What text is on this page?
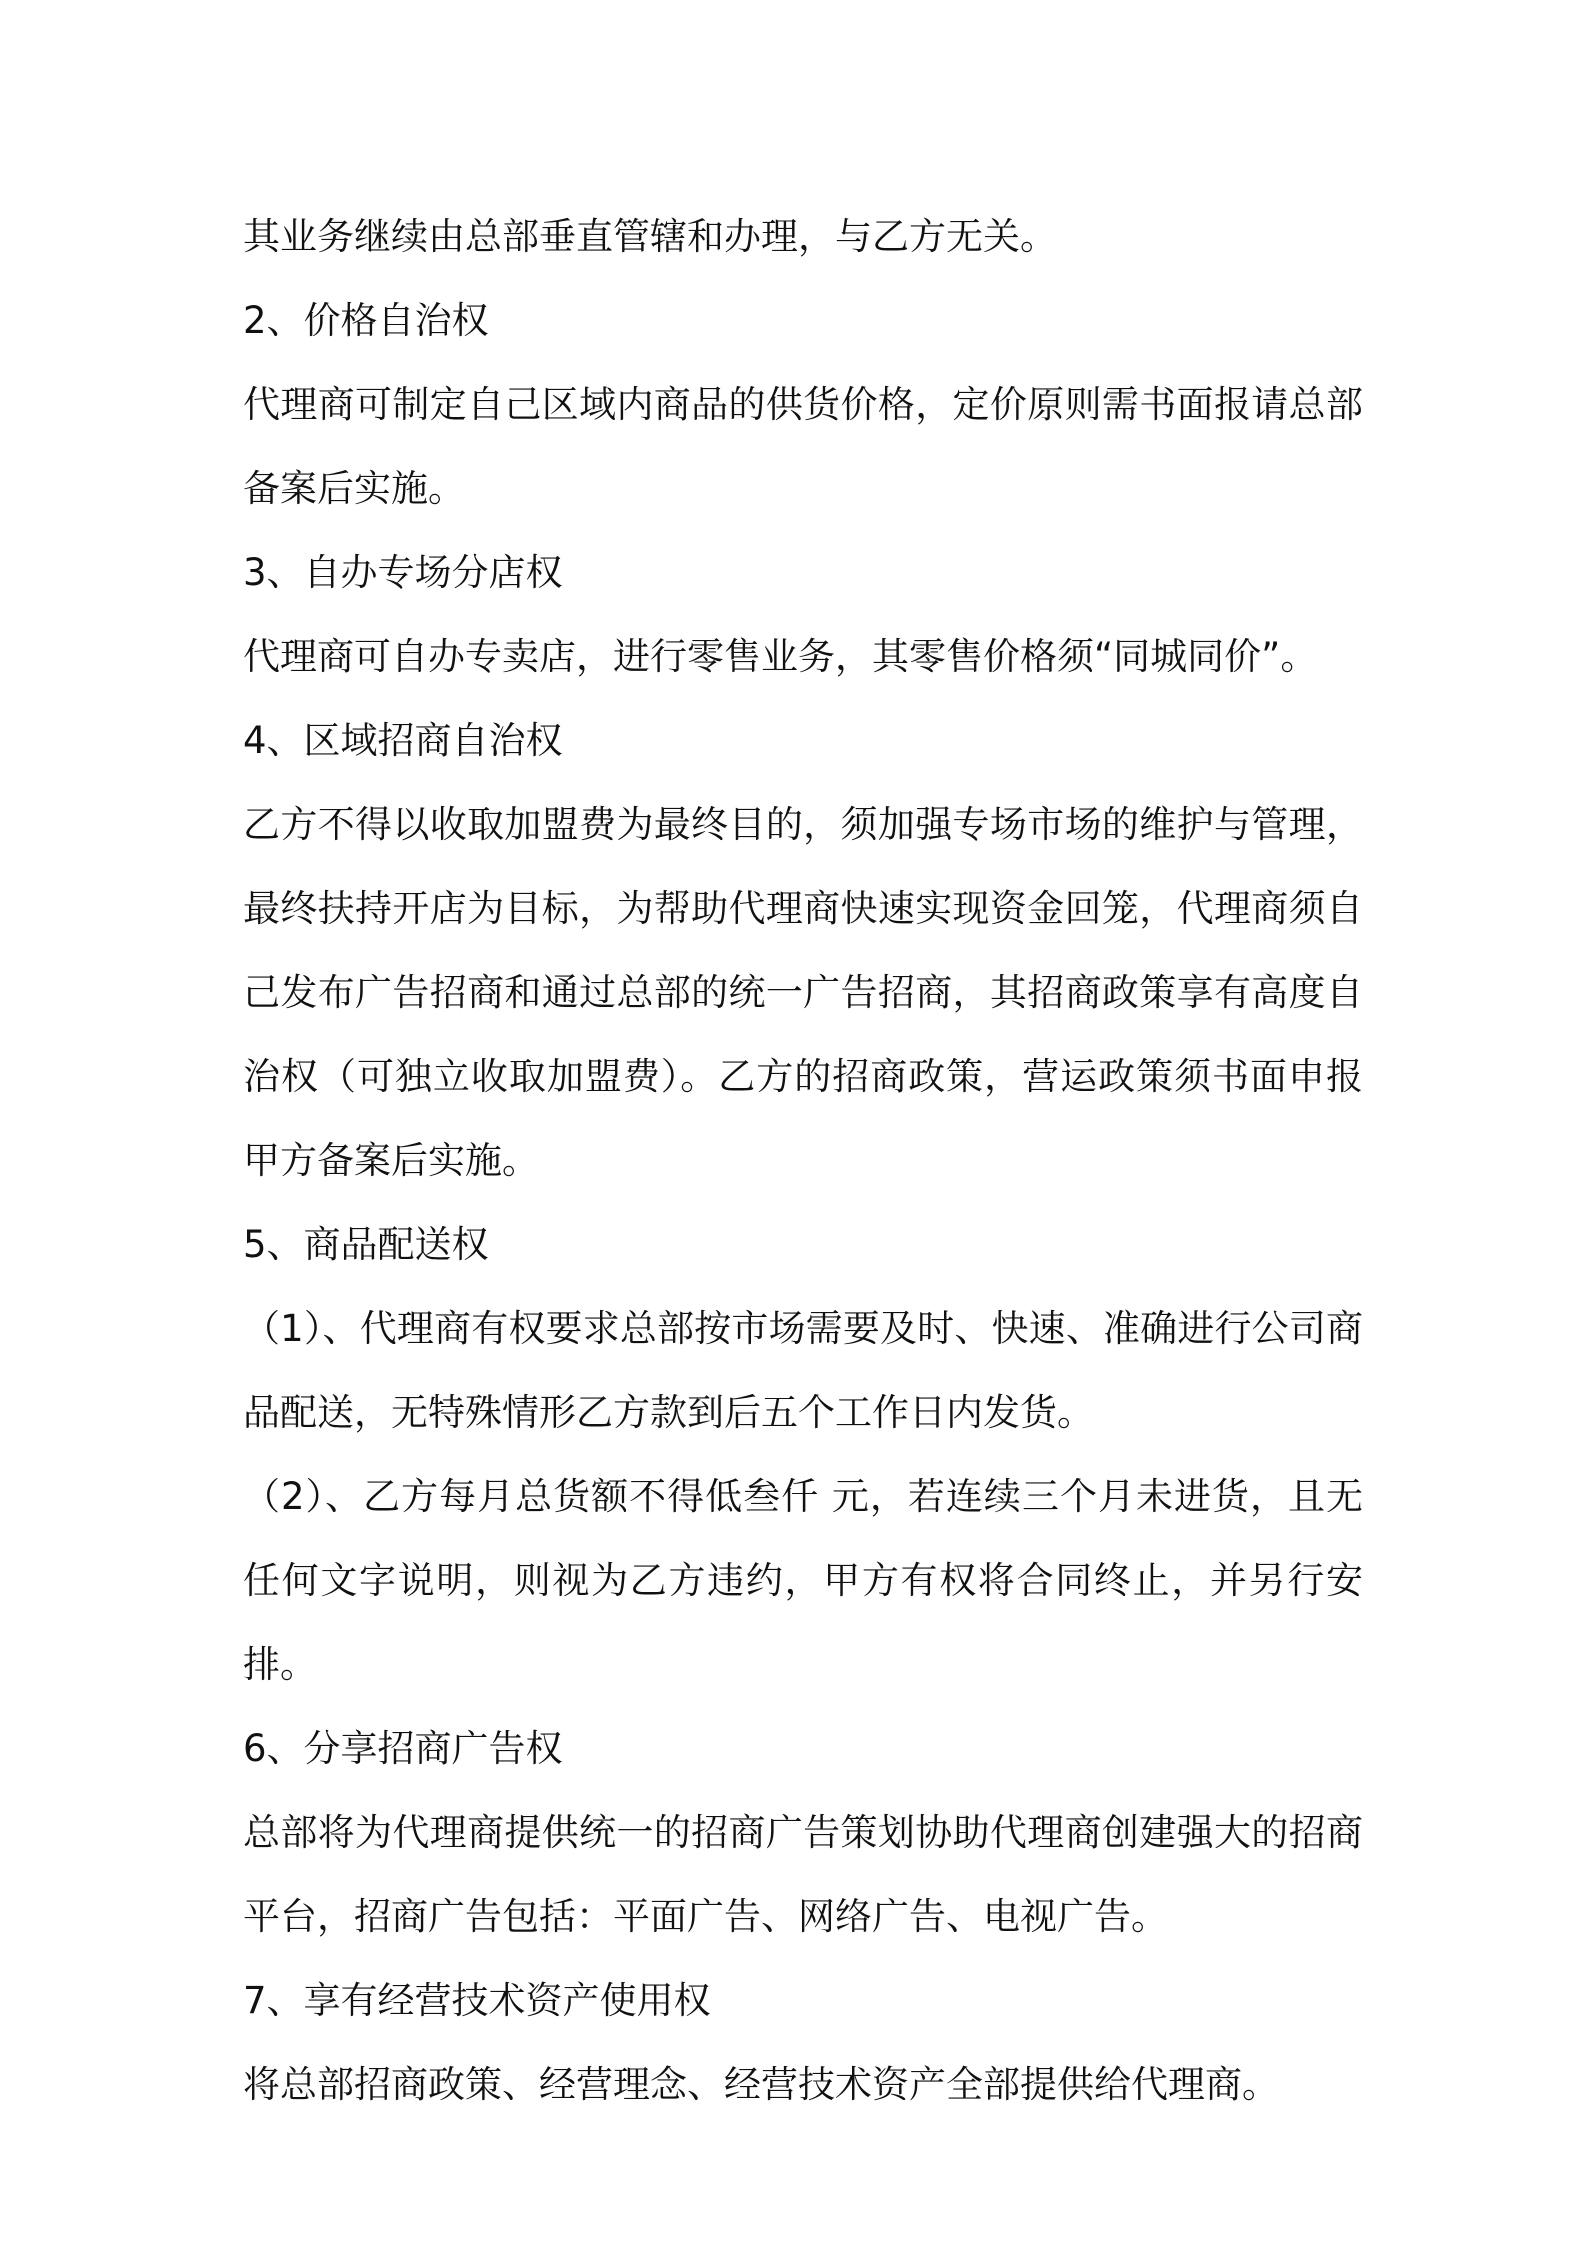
其业务继续由总部垂直管辖和办理，与乙方无关。

2、价格自治权

代理商可制定自己区域内商品的供货价格，定价原则需书面报请总部备案后实施。

3、自办专场分店权

代理商可自办专卖店，进行零售业务，其零售价格须“同城同价”。

4、区域招商自治权

乙方不得以收取加盟费为最终目的，须加强专场市场的维护与管理，最终扶持开店为目标，为帮助代理商快速实现资金回笼，代理商须自己发布广告招商和通过总部的统一广告招商，其招商政策享有高度自治权（可独立收取加盟费）。乙方的招商政策，营运政策须书面申报甲方备案后实施。

5、商品配送权

（1）、代理商有权要求总部按市场需要及时、快速、准确进行公司商品配送，无特殊情形乙方款到后五个工作日内发货。

（2）、乙方每月总货额不得低叁仟 元，若连续三个月未进货，且无任何文字说明，则视为乙方违约，甲方有权将合同终止，并另行安排。

6、分享招商广告权

总部将为代理商提供统一的招商广告策划协助代理商创建强大的招商平台，招商广告包括：平面广告、网络广告、电视广告。

7、享有经营技术资产使用权

将总部招商政策、经营理念、经营技术资产全部提供给代理商。
